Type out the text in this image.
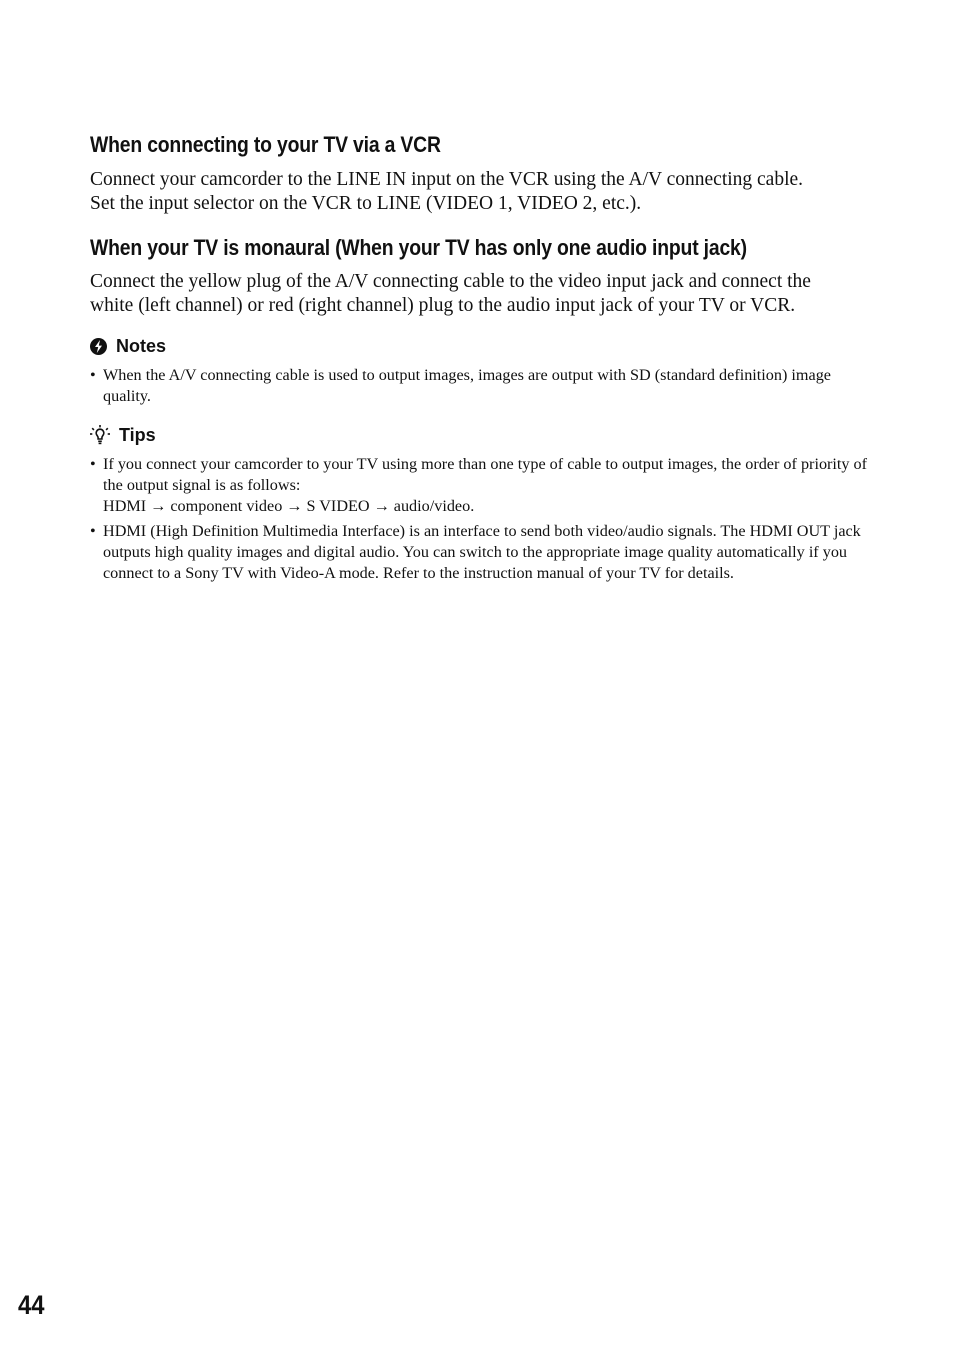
When connecting to your TV via a VCR

Connect your camcorder to the LINE IN input on the VCR using the A/V connecting cable.
Set the input selector on the VCR to LINE (VIDEO 1, VIDEO 2, etc.).

When your TV is monaural (When your TV has only one audio input jack)

Connect the yellow plug of the A/V connecting cable to the video input jack and connect the
white (left channel) or red (right channel) plug to the audio input jack of your TV or VCR.

Notes
• When the A/V connecting cable is used to output images, images are output with SD (standard definition) image quality.
Tips
• If you connect your camcorder to your TV using more than one type of cable to output images, the order of priority of the output signal is as follows:
HDMI → component video → S VIDEO → audio/video.
• HDMI (High Definition Multimedia Interface) is an interface to send both video/audio signals. The HDMI OUT jack outputs high quality images and digital audio. You can switch to the appropriate image quality automatically if you connect to a Sony TV with Video-A mode. Refer to the instruction manual of your TV for details.
44
